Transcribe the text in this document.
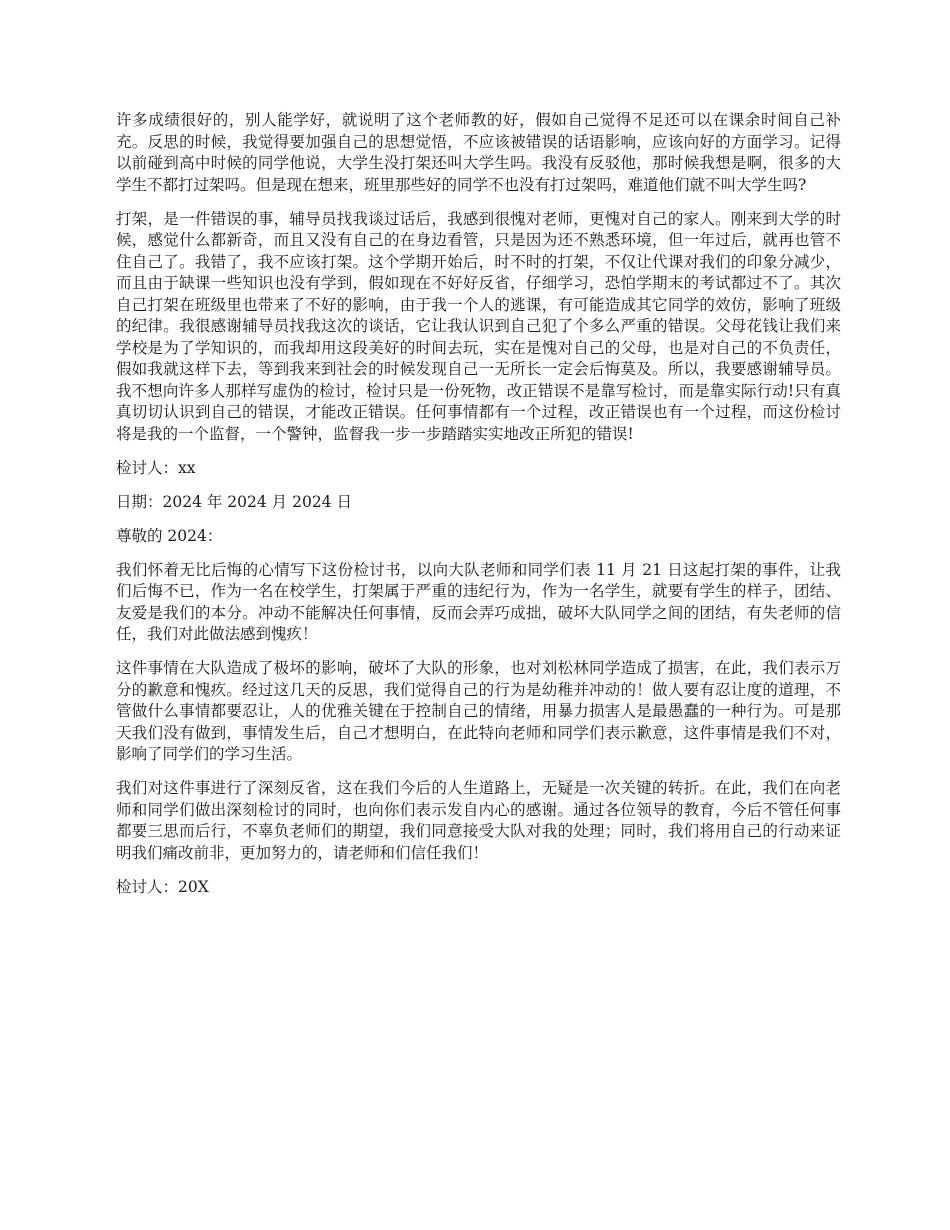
许多成绩很好的，别人能学好，就说明了这个老师教的好，假如自己觉得不足还可以在课余时间自己补充。反思的时候，我觉得要加强自己的思想觉悟，不应该被错误的话语影响，应该向好的方面学习。记得以前碰到高中时候的同学他说，大学生没打架还叫大学生吗。我没有反驳他，那时候我想是啊，很多的大学生不都打过架吗。但是现在想来，班里那些好的同学不也没有打过架吗，难道他们就不叫大学生吗?

打架，是一件错误的事，辅导员找我谈过话后，我感到很愧对老师，更愧对自己的家人。刚来到大学的时候，感觉什么都新奇，而且又没有自己的在身边看管，只是因为还不熟悉环境，但一年过后，就再也管不住自己了。我错了，我不应该打架。这个学期开始后，时不时的打架，不仅让代课对我们的印象分减少，而且由于缺课一些知识也没有学到，假如现在不好好反省，仔细学习，恐怕学期末的考试都过不了。其次自己打架在班级里也带来了不好的影响，由于我一个人的逃课，有可能造成其它同学的效仿，影响了班级的纪律。我很感谢辅导员找我这次的谈话，它让我认识到自己犯了个多么严重的错误。父母花钱让我们来学校是为了学知识的，而我却用这段美好的时间去玩，实在是愧对自己的父母，也是对自己的不负责任，假如我就这样下去，等到我来到社会的时候发现自己一无所长一定会后悔莫及。所以，我要感谢辅导员。我不想向许多人那样写虚伪的检讨，检讨只是一份死物，改正错误不是靠写检讨，而是靠实际行动!只有真真切切认识到自己的错误，才能改正错误。任何事情都有一个过程，改正错误也有一个过程，而这份检讨将是我的一个监督，一个警钟，监督我一步一步踏踏实实地改正所犯的错误!

检讨人：xx

日期：2024 年 2024 月 2024 日

尊敬的 2024：

我们怀着无比后悔的心情写下这份检讨书，以向大队老师和同学们表 11 月 21 日这起打架的事件，让我们后悔不已，作为一名在校学生，打架属于严重的违纪行为，作为一名学生，就要有学生的样子，团结、友爱是我们的本分。冲动不能解决任何事情，反而会弄巧成拙，破坏大队同学之间的团结，有失老师的信任，我们对此做法感到愧疚！

这件事情在大队造成了极坏的影响，破坏了大队的形象，也对刘松林同学造成了损害，在此，我们表示万分的歉意和愧疚。经过这几天的反思，我们觉得自己的行为是幼稚并冲动的！做人要有忍让度的道理，不管做什么事情都要忍让，人的优雅关键在于控制自己的情绪，用暴力损害人是最愚蠢的一种行为。可是那天我们没有做到，事情发生后，自己才想明白，在此特向老师和同学们表示歉意，这件事情是我们不对，影响了同学们的学习生活。

我们对这件事进行了深刻反省，这在我们今后的人生道路上，无疑是一次关键的转折。在此，我们在向老师和同学们做出深刻检讨的同时，也向你们表示发自内心的感谢。通过各位领导的教育，今后不管任何事都要三思而后行，不辜负老师们的期望，我们同意接受大队对我的处理；同时，我们将用自己的行动来证明我们痛改前非，更加努力的，请老师和们信任我们！

检讨人：20X
